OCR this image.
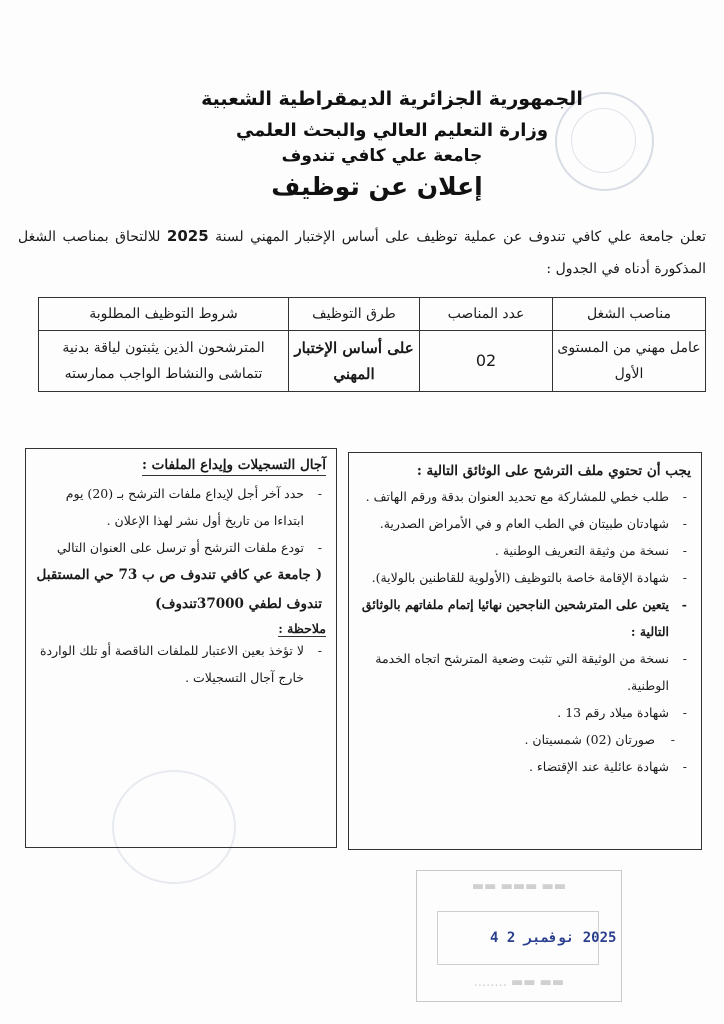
الجمهورية الجزائرية الديمقراطية الشعبية
وزارة التعليم العالي والبحث العلمي
جامعة علي كافي تندوف
إعلان عن توظيف
تعلن جامعة علي كافي تندوف عن عملية توظيف على أساس الإختبار المهني لسنة 2025 للالتحاق بمناصب الشغل المذكورة أدناه في الجدول :
مناصب الشغل	عدد المناصب	طرق التوظيف	شروط التوظيف المطلوبة
عامل مهني من المستوى الأول	02	على أساس الإختبار المهني	المترشحون الذين يثبتون لياقة بدنية تتماشى والنشاط الواجب ممارسته
يجب أن تحتوي ملف الترشح على الوثائق التالية :
- طلب خطي للمشاركة مع تحديد العنوان بدقة ورقم الهاتف .
- شهادتان طبيتان في الطب العام و في الأمراض الصدرية.
- نسخة من وثيقة التعريف الوطنية .
- شهادة الإقامة خاصة بالتوظيف (الأولوية للقاطنين بالولاية).
- يتعين على المترشحين الناجحين نهائيا إتمام ملفاتهم بالوثائق التالية :
- نسخة من الوثيقة التي تثبت وضعية المترشح اتجاه الخدمة الوطنية.
- شهادة ميلاد رقم 13 .
- صورتان (02) شمسيتان .
- شهادة عائلية عند الإقتضاء .
آجال التسجيلات وإيداع الملفات :
- حدد آخر أجل لإيداع ملفات الترشح بـ (20) يوم ابتداءا من تاريخ أول نشر لهذا الإعلان .
- تودع ملفات الترشح أو ترسل على العنوان التالي
( جامعة عي كافي تندوف ص ب 73 حي المستقبل تندوف لطفي 37000تندوف)
ملاحظة :
- لا تؤخذ بعين الاعتبار للملفات الناقصة أو تلك الواردة خارج آجال التسجيلات .
▬▬ ▬▬▬ ▬▬
▬▬ ▬▬ ........
2025 نوفمبر 2 4
